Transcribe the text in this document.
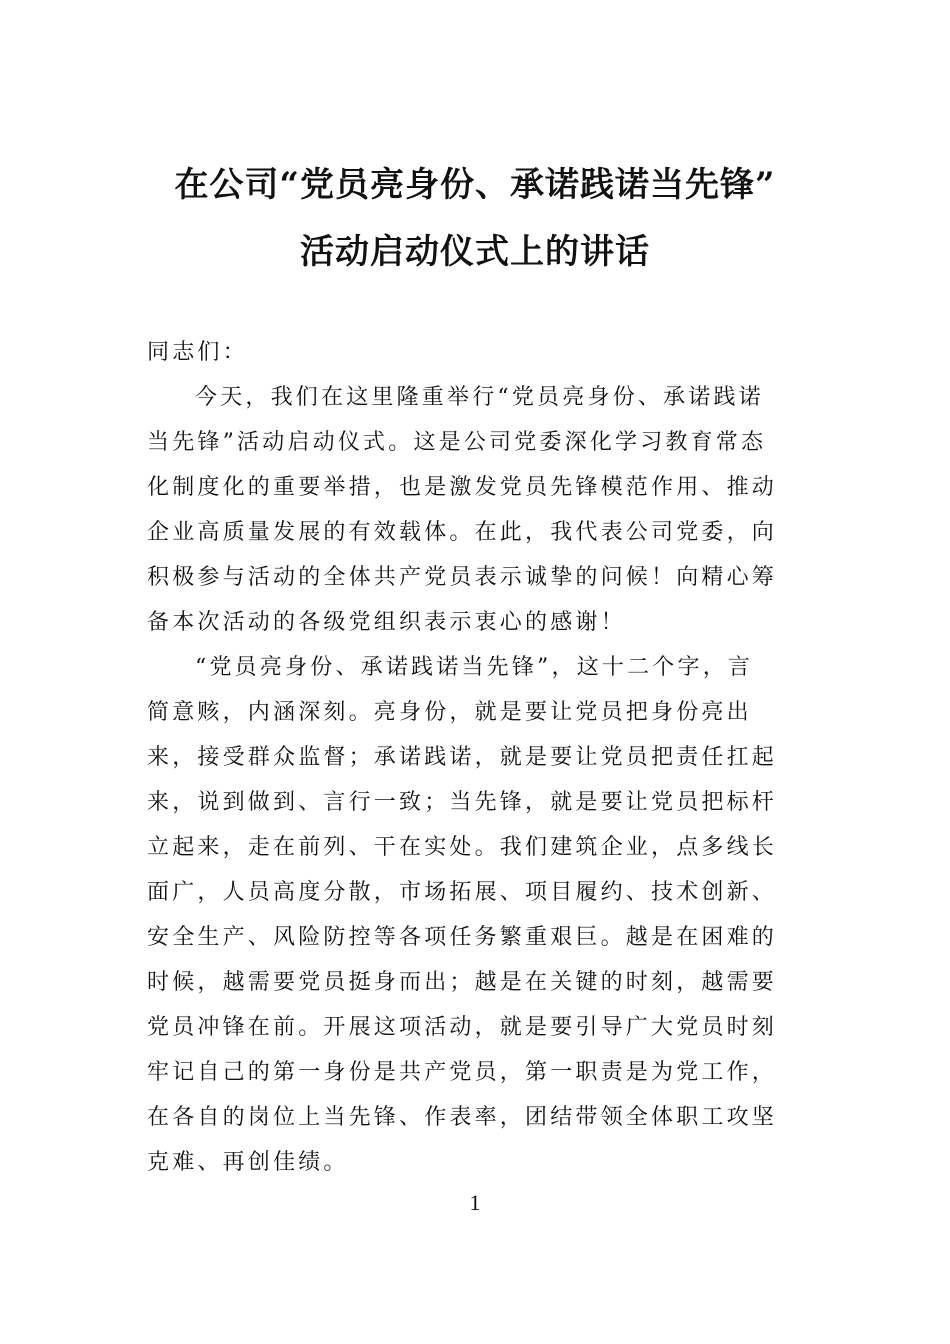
在公司“党员亮身份、承诺践诺当先锋”
活动启动仪式上的讲话
同志们：
今天，我们在这里隆重举行“党员亮身份、承诺践诺
当先锋”活动启动仪式。这是公司党委深化学习教育常态
化制度化的重要举措，也是激发党员先锋模范作用、推动
企业高质量发展的有效载体。在此，我代表公司党委，向
积极参与活动的全体共产党员表示诚挚的问候！向精心筹
备本次活动的各级党组织表示衷心的感谢！
“党员亮身份、承诺践诺当先锋”，这十二个字，言
简意赅，内涵深刻。亮身份，就是要让党员把身份亮出
来，接受群众监督；承诺践诺，就是要让党员把责任扛起
来，说到做到、言行一致；当先锋，就是要让党员把标杆
立起来，走在前列、干在实处。我们建筑企业，点多线长
面广，人员高度分散，市场拓展、项目履约、技术创新、
安全生产、风险防控等各项任务繁重艰巨。越是在困难的
时候，越需要党员挺身而出；越是在关键的时刻，越需要
党员冲锋在前。开展这项活动，就是要引导广大党员时刻
牢记自己的第一身份是共产党员，第一职责是为党工作，
在各自的岗位上当先锋、作表率，团结带领全体职工攻坚
克难、再创佳绩。
1
